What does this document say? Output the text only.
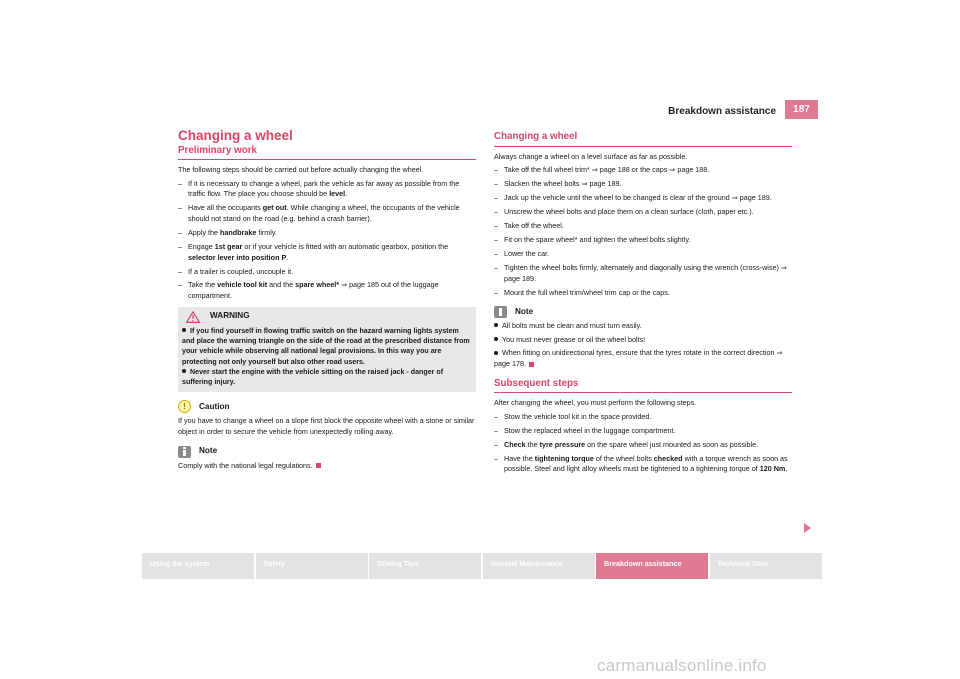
Breakdown assistance	187
Changing a wheel
Preliminary work

The following steps should be carried out before actually changing the wheel.

– If it is necessary to change a wheel, park the vehicle as far away as possible from the traffic flow. The place you choose should be level.
– Have all the occupants get out. While changing a wheel, the occupants of the vehicle should not stand on the road (e.g. behind a crash barrier).
– Apply the handbrake firmly.
– Engage 1st gear or if your vehicle is fitted with an automatic gearbox, position the selector lever into position P.
– If a trailer is coupled, uncouple it.
– Take the vehicle tool kit and the spare wheel* ⇒ page 185 out of the luggage compartment.
WARNING

If you find yourself in flowing traffic switch on the hazard warning lights system and place the warning triangle on the side of the road at the prescribed distance from your vehicle while observing all national legal provisions. In this way you are protecting not only yourself but also other road users.

Never start the engine with the vehicle sitting on the raised jack - danger of suffering injury.

!	Caution

If you have to change a wheel on a slope first block the opposite wheel with a stone or similar object in order to secure the vehicle from unexpectedly rolling away.

Note

Comply with the national legal regulations.

Changing a wheel

Always change a wheel on a level surface as far as possible.

– Take off the full wheel trim* ⇒ page 188 or the caps ⇒ page 188.
– Slacken the wheel bolts ⇒ page 189.
– Jack up the vehicle until the wheel to be changed is clear of the ground ⇒ page 189.
– Unscrew the wheel bolts and place them on a clean surface (cloth, paper etc.).
– Take off the wheel.
– Fit on the spare wheel* and tighten the wheel bolts slightly.
– Lower the car.
– Tighten the wheel bolts firmly, alternately and diagonally using the wrench (cross-wise) ⇒ page 189.
– Mount the full wheel trim/wheel trim cap or the caps.
Note

All bolts must be clean and must turn easily.

You must never grease or oil the wheel bolts!

When fitting on unidirectional tyres, ensure that the tyres rotate in the correct direction ⇒ page 178.

Subsequent steps

After changing the wheel, you must perform the following steps.

– Stow the vehicle tool kit in the space provided.
– Stow the replaced wheel in the luggage compartment.
– Check the tyre pressure on the spare wheel just mounted as soon as possible.
– Have the tightening torque of the wheel bolts checked with a torque wrench as soon as possible. Steel and light alloy wheels must be tightened to a tightening torque of 120 Nm.
Using the system	Safety	Driving Tips	General Maintenance	Breakdown assistance	Technical Data
carmanualsonline.info
